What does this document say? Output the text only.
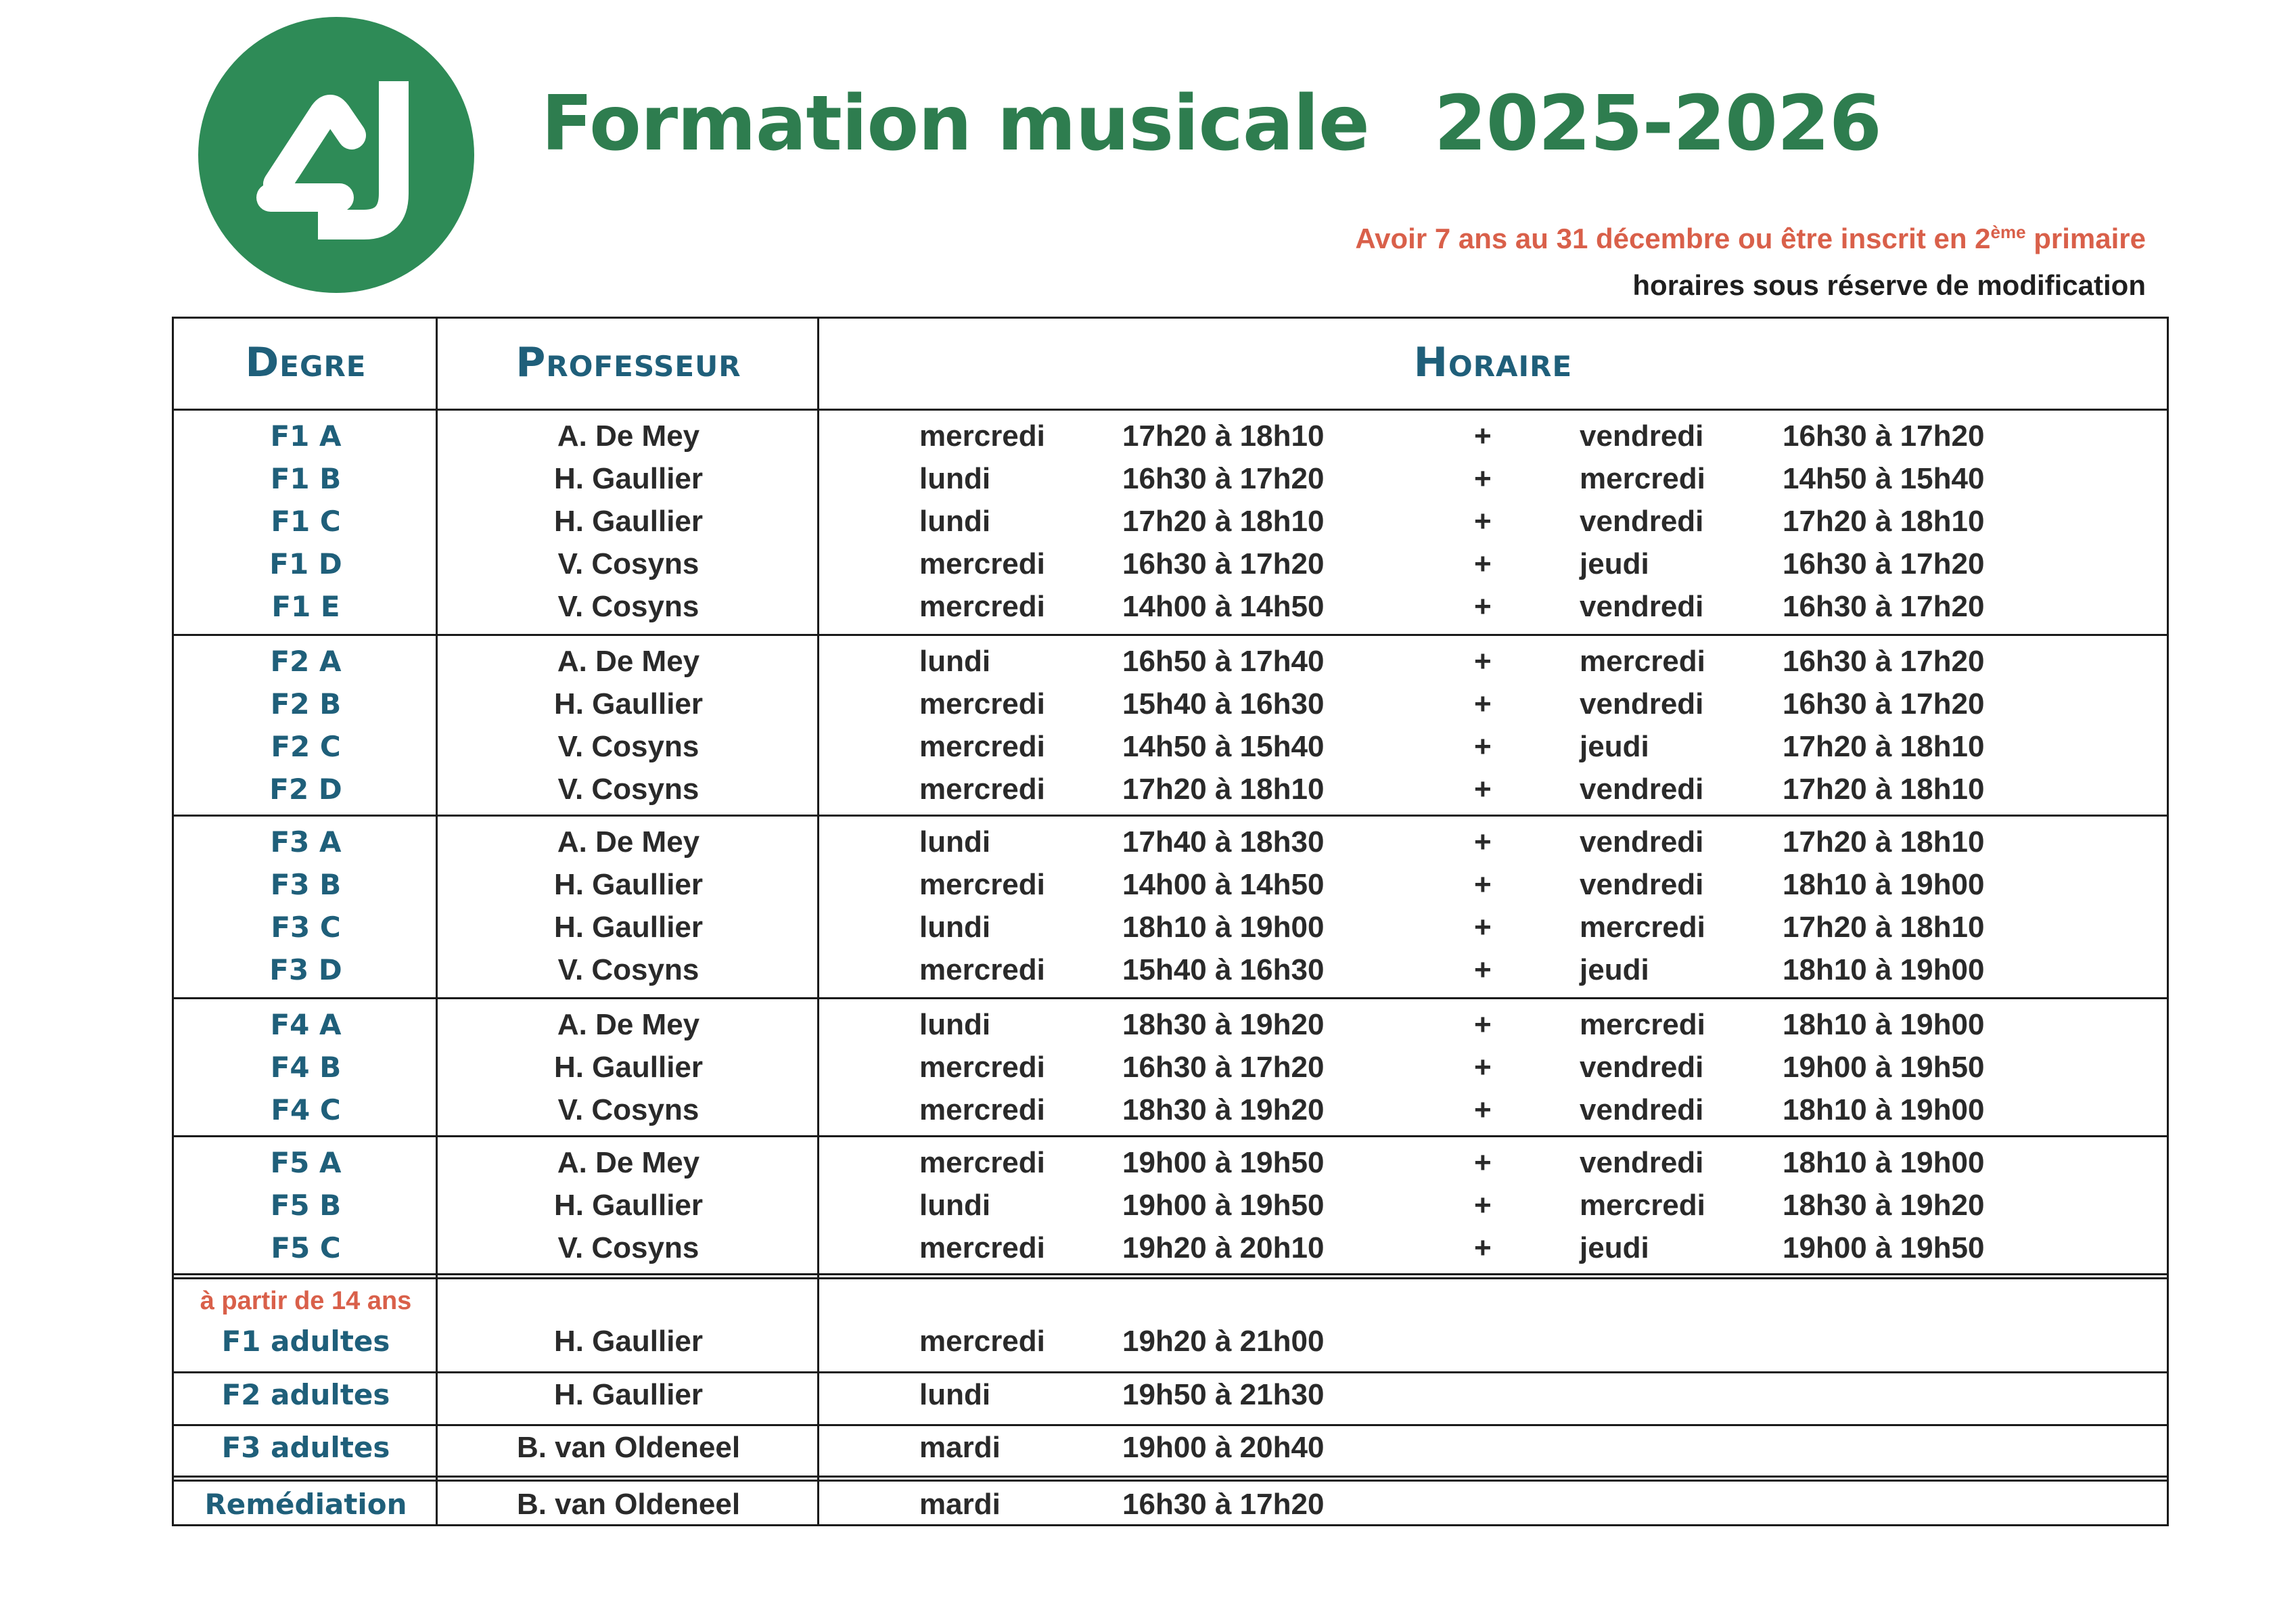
Formation musicale 2025-2026
Avoir 7 ans au 31 décembre ou être inscrit en 2ème primaire
horaires sous réserve de modification
Degre	Professeur	Horaire
F1 A	A. De Mey	mercredi	17h20 à 18h10	+	vendredi	16h30 à 17h20
F1 B	H. Gaullier	lundi	16h30 à 17h20	+	mercredi	14h50 à 15h40
F1 C	H. Gaullier	lundi	17h20 à 18h10	+	vendredi	17h20 à 18h10
F1 D	V. Cosyns	mercredi	16h30 à 17h20	+	jeudi	16h30 à 17h20
F1 E	V. Cosyns	mercredi	14h00 à 14h50	+	vendredi	16h30 à 17h20
F2 A	A. De Mey	lundi	16h50 à 17h40	+	mercredi	16h30 à 17h20
F2 B	H. Gaullier	mercredi	15h40 à 16h30	+	vendredi	16h30 à 17h20
F2 C	V. Cosyns	mercredi	14h50 à 15h40	+	jeudi	17h20 à 18h10
F2 D	V. Cosyns	mercredi	17h20 à 18h10	+	vendredi	17h20 à 18h10
F3 A	A. De Mey	lundi	17h40 à 18h30	+	vendredi	17h20 à 18h10
F3 B	H. Gaullier	mercredi	14h00 à 14h50	+	vendredi	18h10 à 19h00
F3 C	H. Gaullier	lundi	18h10 à 19h00	+	mercredi	17h20 à 18h10
F3 D	V. Cosyns	mercredi	15h40 à 16h30	+	jeudi	18h10 à 19h00
F4 A	A. De Mey	lundi	18h30 à 19h20	+	mercredi	18h10 à 19h00
F4 B	H. Gaullier	mercredi	16h30 à 17h20	+	vendredi	19h00 à 19h50
F4 C	V. Cosyns	mercredi	18h30 à 19h20	+	vendredi	18h10 à 19h00
F5 A	A. De Mey	mercredi	19h00 à 19h50	+	vendredi	18h10 à 19h00
F5 B	H. Gaullier	lundi	19h00 à 19h50	+	mercredi	18h30 à 19h20
F5 C	V. Cosyns	mercredi	19h20 à 20h10	+	jeudi	19h00 à 19h50
à partir de 14 ans
F1 adultes	H. Gaullier	mercredi	19h20 à 21h00
F2 adultes	H. Gaullier	lundi	19h50 à 21h30
F3 adultes	B. van Oldeneel	mardi	19h00 à 20h40
Remédiation	B. van Oldeneel	mardi	16h30 à 17h20
